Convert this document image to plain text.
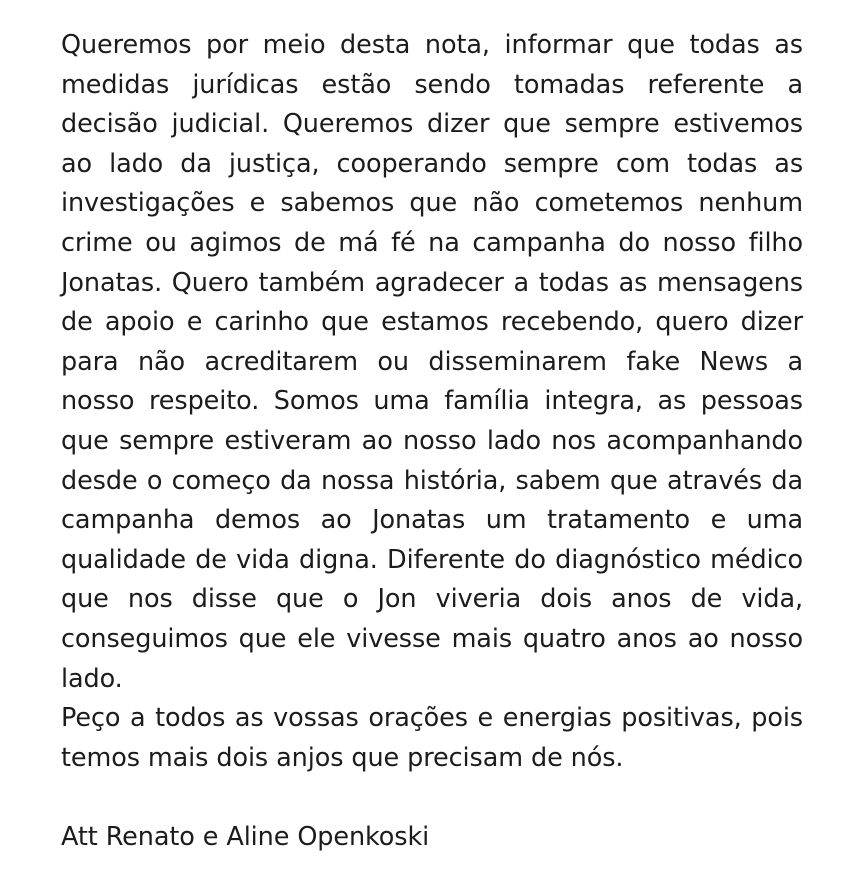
Queremos por meio desta nota, informar que todas as medidas jurídicas estão sendo tomadas referente a decisão judicial. Queremos dizer que sempre estivemos ao lado da justiça, cooperando sempre com todas as investigações e sabemos que não cometemos nenhum crime ou agimos de má fé na campanha do nosso filho Jonatas. Quero também agradecer a todas as mensagens de apoio e carinho que estamos recebendo, quero dizer para não acreditarem ou disseminarem fake News a nosso respeito. Somos uma família integra, as pessoas que sempre estiveram ao nosso lado nos acompanhando desde o começo da nossa história, sabem que através da campanha demos ao Jonatas um tratamento e uma qualidade de vida digna. Diferente do diagnóstico médico que nos disse que o Jon viveria dois anos de vida, conseguimos que ele vivesse mais quatro anos ao nosso lado.

Peço a todos as vossas orações e energias positivas, pois temos mais dois anjos que precisam de nós.

Att Renato e Aline Openkoski
